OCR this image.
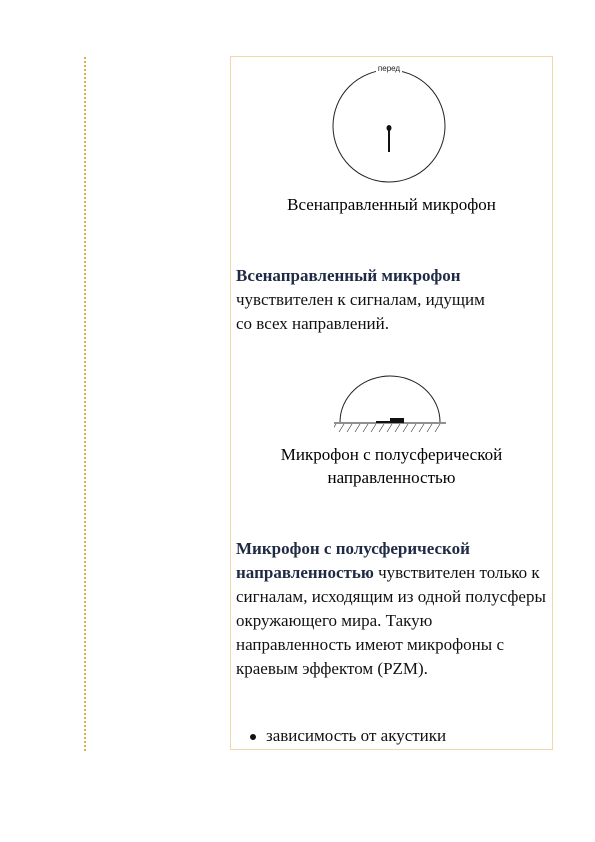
перед
Всенаправленный микрофон
Всенаправленный микрофон чувствителен к сигналам, идущим со всех направлений.
Микрофон с полусферической направленностью
Микрофон с полусферической направленностью чувствителен только к сигналам, исходящим из одной полусферы окружающего мира. Такую направленность имеют микрофоны с краевым эффектом (PZM).
зависимость от акустики
